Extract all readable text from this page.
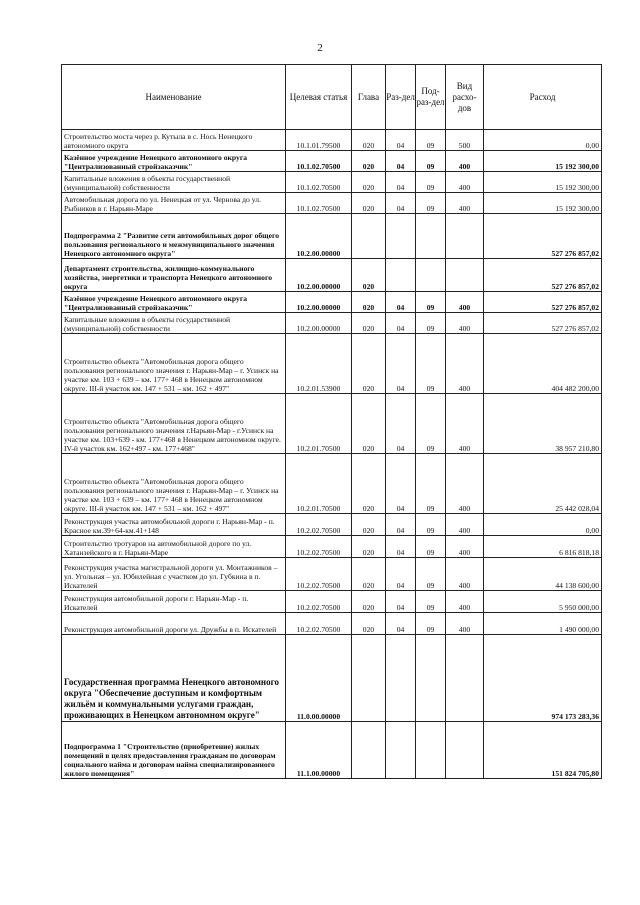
2
Наименование	Целевая статья	Глава	Раз-дел	Под-раз-дел	Вид расхо-дов	Расход
Строительство моста через р. Кутыла в с. Нось Ненецкого автономного округа	10.1.01.79500	020	04	09	500	0,00
Казённое учреждение Ненецкого автономного округа "Централизованный стройзаказчик"	10.1.02.70500	020	04	09	400	15 192 300,00
Капитальные вложения в объекты государственной (муниципальной) собственности	10.1.02.70500	020	04	09	400	15 192 300,00
Автомобильная дорога по ул. Ненецкая от ул. Чернова до ул. Рыбников в г. Нарьян-Маре	10.1.02.70500	020	04	09	400	15 192 300,00
Подпрограмма 2 "Развитие сети автомобильных дорог общего пользования регионального и межмуниципального значения Ненецкого автономного округа"	10.2.00.00000					527 276 857,02
Департамент строительства, жилищно-коммунального хозяйства, энергетики и транспорта Ненецкого автономного округа	10.2.00.00000	020				527 276 857,02
Казённое учреждение Ненецкого автономного округа "Централизованный стройзаказчик"	10.2.00.00000	020	04	09	400	527 276 857,02
Капитальные вложения в объекты государственной (муниципальной) собственности	10.2.00.00000	020	04	09	400	527 276 857,02
Строительство объекта "Автомобильная дорога общего пользования регионального значения г. Нарьян-Мар – г. Усинск на участке км. 103 + 639 – км. 177+ 468 в Ненецком автономном округе. III-й участок км. 147 + 531 – км. 162 + 497"	10.2.01.53900	020	04	09	400	404 482 200,00
Строительство объекта "Автомобильная дорога общего пользования регионального значения г.Нарьян-Мар - г.Усинск на участке км. 103+639 - км. 177+468 в Ненецком автономном округе. IV-й участок км. 162+497 - км. 177+468"	10.2.01.70500	020	04	09	400	38 957 210,80
Строительство объекта "Автомобильная дорога общего пользования регионального значения г. Нарьян-Мар – г. Усинск на участке км. 103 + 639 – км. 177+ 468 в Ненецком автономном округе. III-й участок км. 147 + 531 – км. 162 + 497"	10.2.01.70500	020	04	09	400	25 442 028,04
Реконструкция участка автомобильной дороги г. Нарьян-Мар - п. Красное км.39+64-км.41+148	10.2.02.70500	020	04	09	400	0,00
Строительство тротуаров на автомобильной дороге по ул. Хатанзейского в г. Нарьян-Маре	10.2.02.70500	020	04	09	400	6 816 818,18
Реконструкция участка магистральной дороги ул. Монтажников – ул. Угольная – ул. Юбилейная с участком до ул. Губкина в п. Искателей	10.2.02.70500	020	04	09	400	44 138 600,00
Реконструкция автомобильной дороги г. Нарьян-Мар - п. Искателей	10.2.02.70500	020	04	09	400	5 950 000,00
Реконструкция автомобильной дороги ул. Дружбы в п. Искателей	10.2.02.70500	020	04	09	400	1 490 000,00
Государственная программа Ненецкого автономного округа "Обеспечение доступным и комфортным жильём и коммунальными услугами граждан, проживающих в Ненецком автономном округе"	11.0.00.00000					974 173 283,36
Подпрограмма 1 "Строительство (приобретение) жилых помещений в целях предоставления гражданам по договорам социального найма и договорам найма специализированного жилого помещения"	11.1.00.00000					151 824 705,80
